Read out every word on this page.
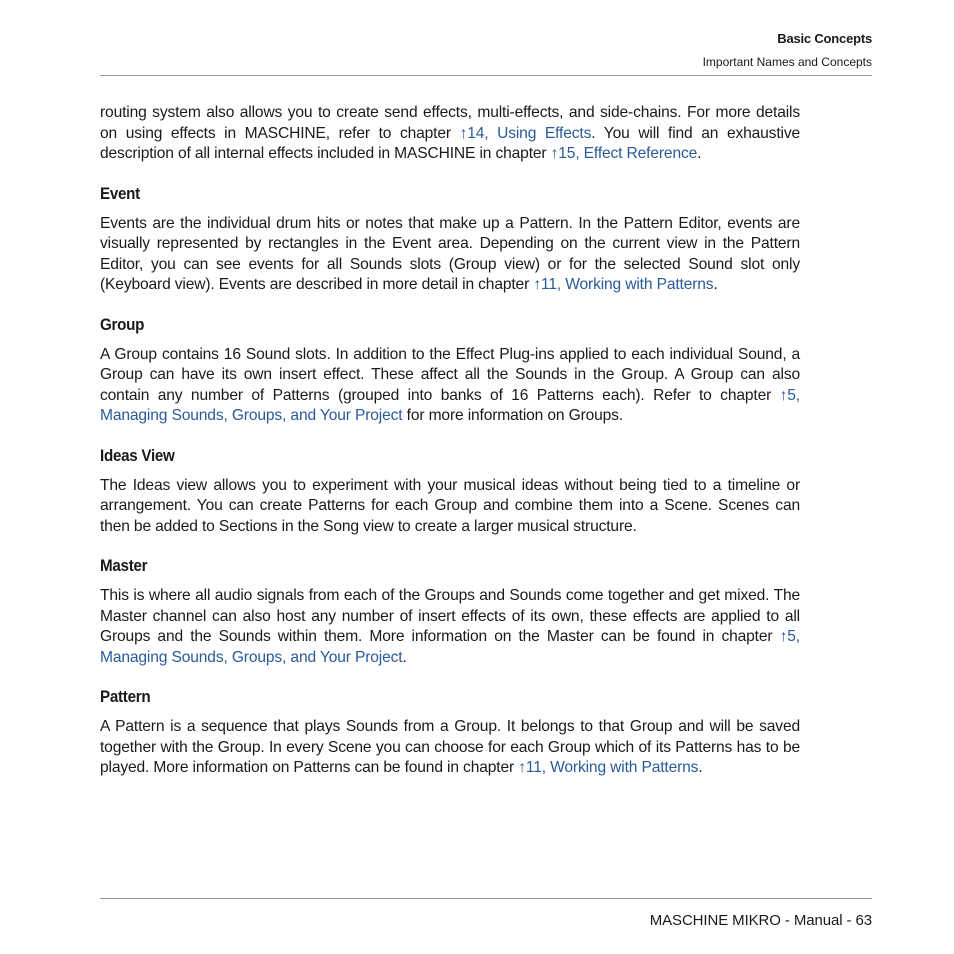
Basic Concepts
Important Names and Concepts

routing system also allows you to create send effects, multi-effects, and side-chains. For more details on using effects in MASCHINE, refer to chapter ↑14, Using Effects. You will find an exhaustive description of all internal effects included in MASCHINE in chapter ↑15, Effect Reference.

Event

Events are the individual drum hits or notes that make up a Pattern. In the Pattern Editor, events are visually represented by rectangles in the Event area. Depending on the current view in the Pattern Editor, you can see events for all Sounds slots (Group view) or for the selected Sound slot only (Keyboard view). Events are described in more detail in chapter ↑11, Working with Patterns.

Group

A Group contains 16 Sound slots. In addition to the Effect Plug-ins applied to each individual Sound, a Group can have its own insert effect. These affect all the Sounds in the Group. A Group can also contain any number of Patterns (grouped into banks of 16 Patterns each). Refer to chapter ↑5, Managing Sounds, Groups, and Your Project for more information on Groups.

Ideas View

The Ideas view allows you to experiment with your musical ideas without being tied to a timeline or arrangement. You can create Patterns for each Group and combine them into a Scene. Scenes can then be added to Sections in the Song view to create a larger musical structure.

Master

This is where all audio signals from each of the Groups and Sounds come together and get mixed. The Master channel can also host any number of insert effects of its own, these effects are applied to all Groups and the Sounds within them. More information on the Master can be found in chapter ↑5, Managing Sounds, Groups, and Your Project.

Pattern

A Pattern is a sequence that plays Sounds from a Group. It belongs to that Group and will be saved together with the Group. In every Scene you can choose for each Group which of its Patterns has to be played. More information on Patterns can be found in chapter ↑11, Working with Patterns.

MASCHINE MIKRO - Manual - 63
